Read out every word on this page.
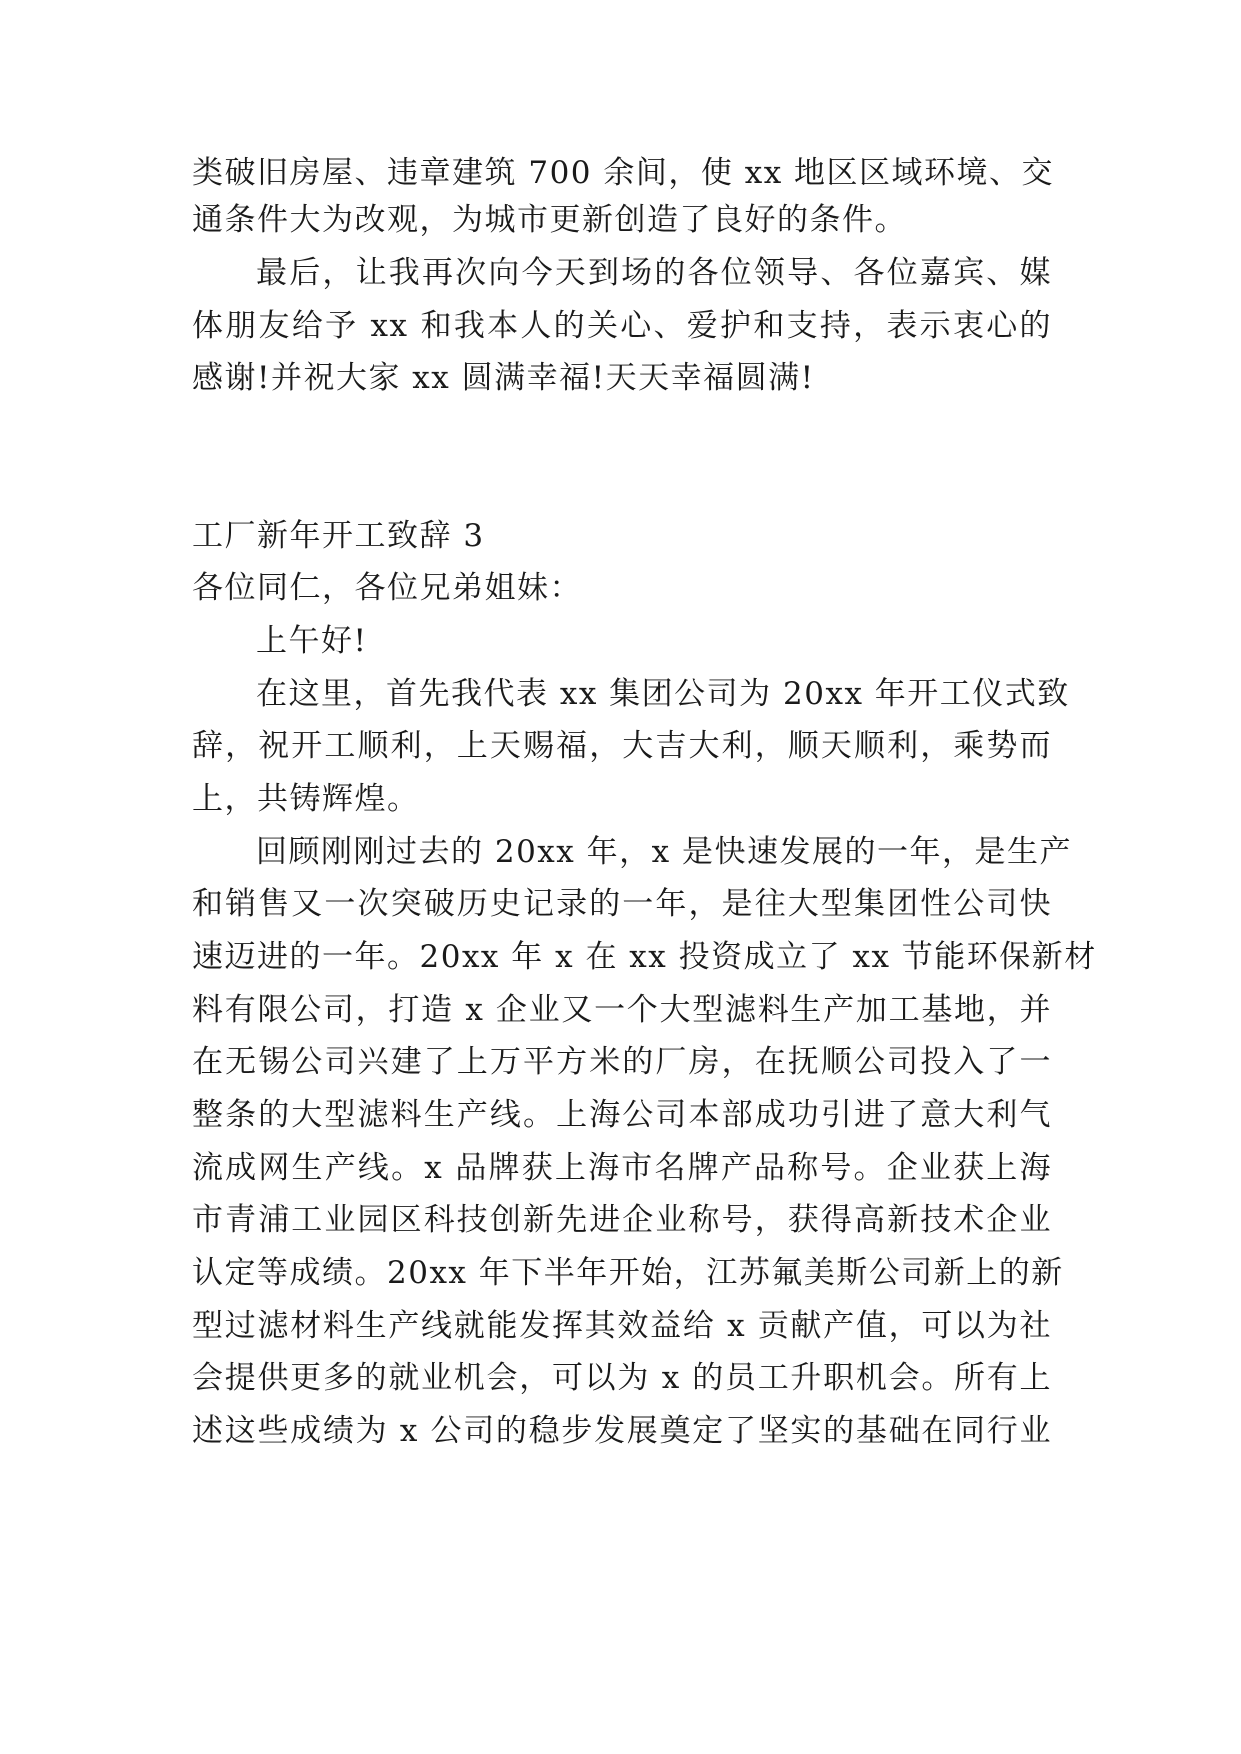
类破旧房屋、违章建筑 700 余间，使 xx 地区区域环境、交
通条件大为改观，为城市更新创造了良好的条件。
最后，让我再次向今天到场的各位领导、各位嘉宾、媒
体朋友给予 xx 和我本人的关心、爱护和支持，表示衷心的
感谢!并祝大家 xx 圆满幸福!天天幸福圆满!
工厂新年开工致辞 3
各位同仁，各位兄弟姐妹：
上午好!
在这里，首先我代表 xx 集团公司为 20xx 年开工仪式致
辞，祝开工顺利，上天赐福，大吉大利，顺天顺利，乘势而
上，共铸辉煌。
回顾刚刚过去的 20xx 年，x 是快速发展的一年，是生产
和销售又一次突破历史记录的一年，是往大型集团性公司快
速迈进的一年。20xx 年 x 在 xx 投资成立了 xx 节能环保新材
料有限公司，打造 x 企业又一个大型滤料生产加工基地，并
在无锡公司兴建了上万平方米的厂房，在抚顺公司投入了一
整条的大型滤料生产线。上海公司本部成功引进了意大利气
流成网生产线。x 品牌获上海市名牌产品称号。企业获上海
市青浦工业园区科技创新先进企业称号，获得高新技术企业
认定等成绩。20xx 年下半年开始，江苏氟美斯公司新上的新
型过滤材料生产线就能发挥其效益给 x 贡献产值，可以为社
会提供更多的就业机会，可以为 x 的员工升职机会。所有上
述这些成绩为 x 公司的稳步发展奠定了坚实的基础在同行业
